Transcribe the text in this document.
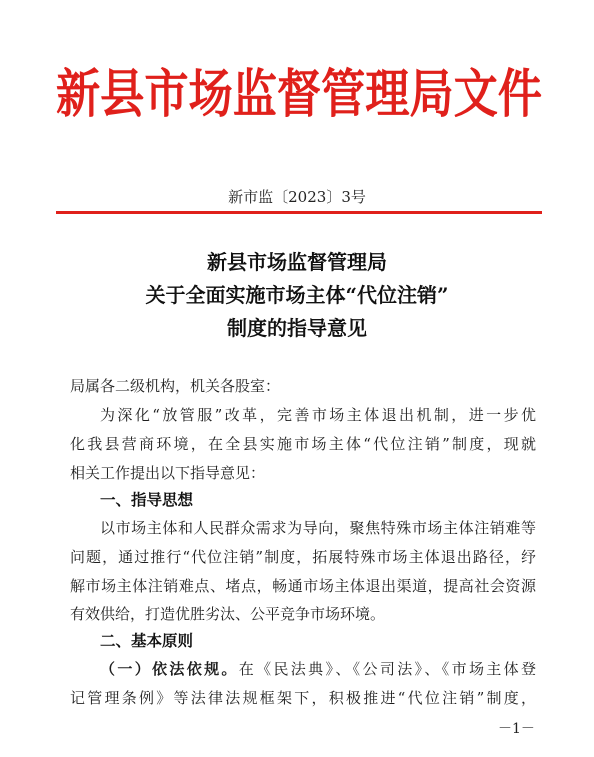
新县市场监督管理局文件
新市监〔2023〕3号
新县市场监督管理局
关于全面实施市场主体“代位注销”
制度的指导意见
局属各二级机构，机关各股室：
为深化“放管服”改革，完善市场主体退出机制，进一步优
化我县营商环境，在全县实施市场主体“代位注销”制度，现就
相关工作提出以下指导意见：
一、指导思想
以市场主体和人民群众需求为导向，聚焦特殊市场主体注销难等
问题，通过推行“代位注销”制度，拓展特殊市场主体退出路径，纾
解市场主体注销难点、堵点，畅通市场主体退出渠道，提高社会资源
有效供给，打造优胜劣汰、公平竞争市场环境。
二、基本原则
（一）依法依规。在《民法典》、《公司法》、《市场主体登
记管理条例》等法律法规框架下，积极推进“代位注销”制度，
－1－
